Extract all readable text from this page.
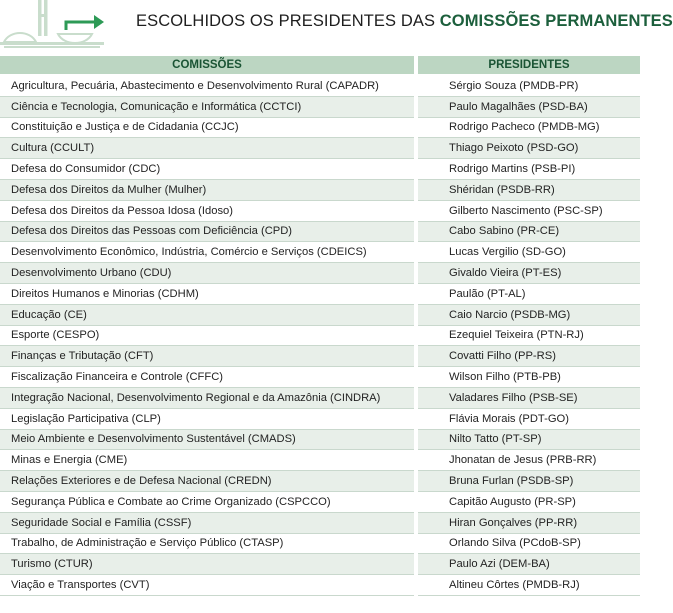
ESCOLHIDOS OS PRESIDENTES DAS COMISSÕES PERMANENTES
COMISSÕES	PRESIDENTES
Agricultura, Pecuária, Abastecimento e Desenvolvimento Rural (CAPADR)	Sérgio Souza (PMDB-PR)
Ciência e Tecnologia, Comunicação e Informática (CCTCI)	Paulo Magalhães (PSD-BA)
Constituição e Justiça e de Cidadania (CCJC)	Rodrigo Pacheco (PMDB-MG)
Cultura (CCULT)	Thiago Peixoto (PSD-GO)
Defesa do Consumidor (CDC)	Rodrigo Martins (PSB-PI)
Defesa dos Direitos da Mulher (Mulher)	Shéridan (PSDB-RR)
Defesa dos Direitos da Pessoa Idosa (Idoso)	Gilberto Nascimento (PSC-SP)
Defesa dos Direitos das Pessoas com Deficiência (CPD)	Cabo Sabino (PR-CE)
Desenvolvimento Econômico, Indústria, Comércio e Serviços (CDEICS)	Lucas Vergilio (SD-GO)
Desenvolvimento Urbano (CDU)	Givaldo Vieira (PT-ES)
Direitos Humanos e Minorias (CDHM)	Paulão (PT-AL)
Educação (CE)	Caio Narcio (PSDB-MG)
Esporte (CESPO)	Ezequiel Teixeira (PTN-RJ)
Finanças e Tributação (CFT)	Covatti Filho (PP-RS)
Fiscalização Financeira e Controle (CFFC)	Wilson Filho (PTB-PB)
Integração Nacional, Desenvolvimento Regional e da Amazônia (CINDRA)	Valadares Filho (PSB-SE)
Legislação Participativa (CLP)	Flávia Morais (PDT-GO)
Meio Ambiente e Desenvolvimento Sustentável (CMADS)	Nilto Tatto (PT-SP)
Minas e Energia (CME)	Jhonatan de Jesus (PRB-RR)
Relações Exteriores e de Defesa Nacional (CREDN)	Bruna Furlan (PSDB-SP)
Segurança Pública e Combate ao Crime Organizado (CSPCCO)	Capitão Augusto (PR-SP)
Seguridade Social e Família (CSSF)	Hiran Gonçalves (PP-RR)
Trabalho, de Administração e Serviço Público (CTASP)	Orlando Silva (PCdoB-SP)
Turismo (CTUR)	Paulo Azi (DEM-BA)
Viação e Transportes (CVT)	Altineu Côrtes (PMDB-RJ)
